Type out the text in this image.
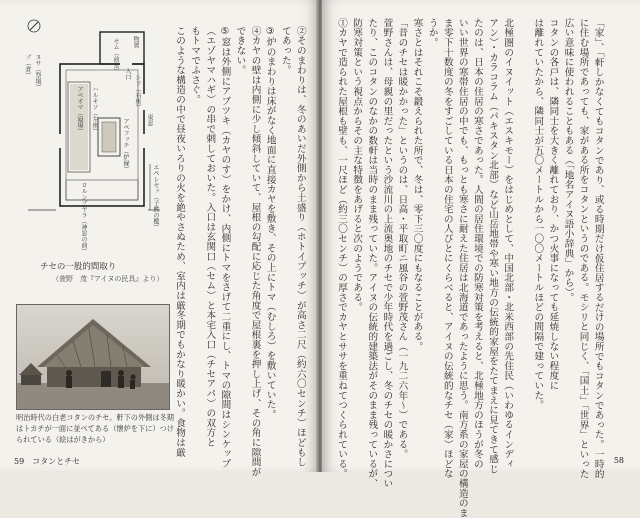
セム（前室） 物置
入口 シソ（右座）
アペオマ（寝場） ハルキソ（左座）
アペフッチ（炉縁）	東窓
ロルンプヤラ（神窓の前）
プ（倉） ヌサ（祭壇）
エペレセッ（子熊の檻）
チセの一般的間取り
（萱野　茂『アイヌの民具』より）	②そのまわりは、冬のあいだ外側から土盛り（ホトイプッチ）が高さ二尺（約六〇センチ）ほどもし
てあった。
③炉のまわりは床がなく地面に直接カヤを敷き、その上にトマ（むしろ）を敷いていた。
④カヤの壁は内側に少し傾斜していて、屋根の勾配に応じた角度で屋根裏を押し上げ、その角に隙間が
できない。
⑤窓は外側にアブツキ（カヤのす）をかけ、内側にトマをさげて二重にし、トマの隙間はシンケップ
（エゾヤマハギ）の串で刺しておいた。入口は玄関口（セム）と本宅入口（チセアパ）の双方と
もトマでふさぐ。
このような構造の中で昼夜いろりの火を絶やさぬため、室内は厳冬期でもかなり暖かい。食物は厳
明治時代の白老コタンのチセ。軒下の外側は冬期はトカチが一面に並べてある（懐炉を下に）つけられている（絵はがきから）
59　コタンとチセ	「家」、「軒しかなくてもコタンであり、或る時期だけ仮住居するだけの場所でもコタンであった。一時的
に住む場所であっても、家がある所をコタンというのである。モシリと同じく、「国土」「世界」といった
広い意味に使われることもある（「地名アイヌ語小辞典」から）。
コタンの各戸は、隣同士を大きく離れており、かつ火事になっても延焼しない程度に
は離れていたから、隣同士が五〇メートルから一〇〇メートルほどの間隔で建っていた。

北極圏のイヌイット（エスキモー）をはじめとして、中国北部・北米西部の先住民（いわゆるインディ
アン）・カラコラム（パキスタン北部）など山岳地帯や寒い地方の伝統的家屋をたてまえに見てきて感じ
たのは、日本の住居の寒さであった。人間の居住環境での防寒対策を考えると、北極地方のほうが冬の
いい世界の寒帯住居の中でも、もっとも寒さに耐えた住居は北海道であったように思う。南方系の家屋の構造のま
ま零下十数度の冬をすごしている日本の住宅の人びとにくらべると、アイヌの伝統的なチセ（家）ほどな
うか。
寒さとはそれこそ鍛えられた所で、冬は、零下三〇度にもなることがある。
「昔のチセは暖かかった」というのは、日高・平取町ニ風谷の萱野茂さん（一九二六年〜）である。
萱野さんは、母親の里だったという沙流川の上流奥地のチセで少年時代を過ごし、冬のチセの暖かさについ
たり、このコタンのなかの数軒は当時のまま残っていた。アイヌの伝統的建築法がそのまま残っているが、
防寒対策という視点からその主な特徴をあげると次のようである。
①カヤで造られた屋根も壁も、一尺ほど（約三〇センチ）の厚さでカヤとササを重ねてつくられている。	58
